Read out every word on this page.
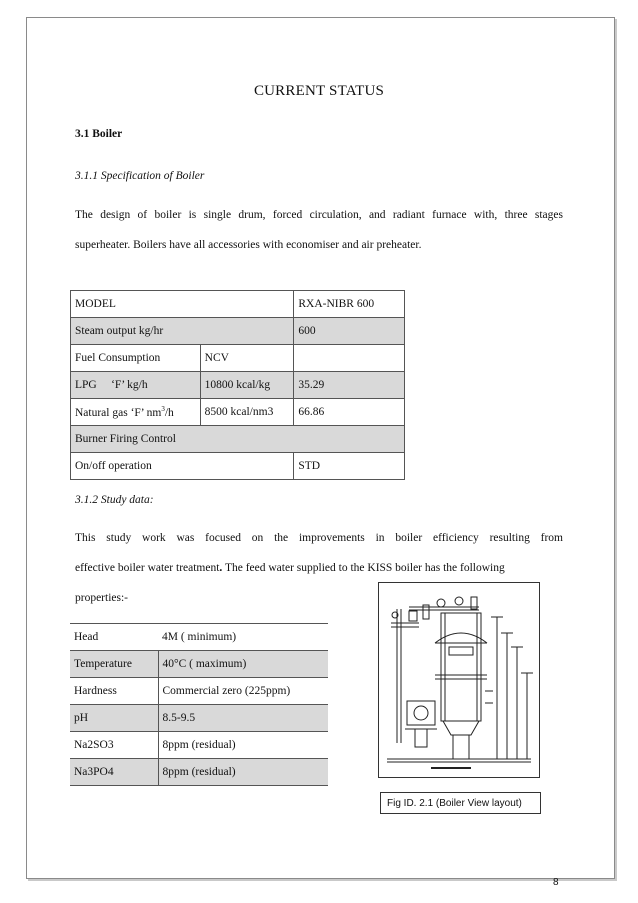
CURRENT STATUS
3.1 Boiler
3.1.1 Specification of Boiler
The design of boiler is single drum, forced circulation, and radiant furnace with, three stages
superheater. Boilers have all accessories with economiser and air preheater.
MODEL		RXA-NIBR 600
Steam output kg/hr		600
Fuel Consumption	NCV	
LPG     ‘F’ kg/h	10800 kcal/kg	35.29
Natural gas ‘F’ $nm^3/h$	8500 kcal/nm3	66.86
Burner Firing Control		
On/off operation		STD
3.1.2 Study data:
This study work was focused on the improvements in boiler efficiency resulting from
effective boiler water treatment. The feed water supplied to the KISS boiler has the following
properties:-
Head	4M ( minimum)
Temperature	40°C ( maximum)
Hardness	Commercial zero (225ppm)
pH	8.5-9.5
Na2SO3	8ppm (residual)
Na3PO4	8ppm (residual)
Fig ID. 2.1 (Boiler View layout)
8
